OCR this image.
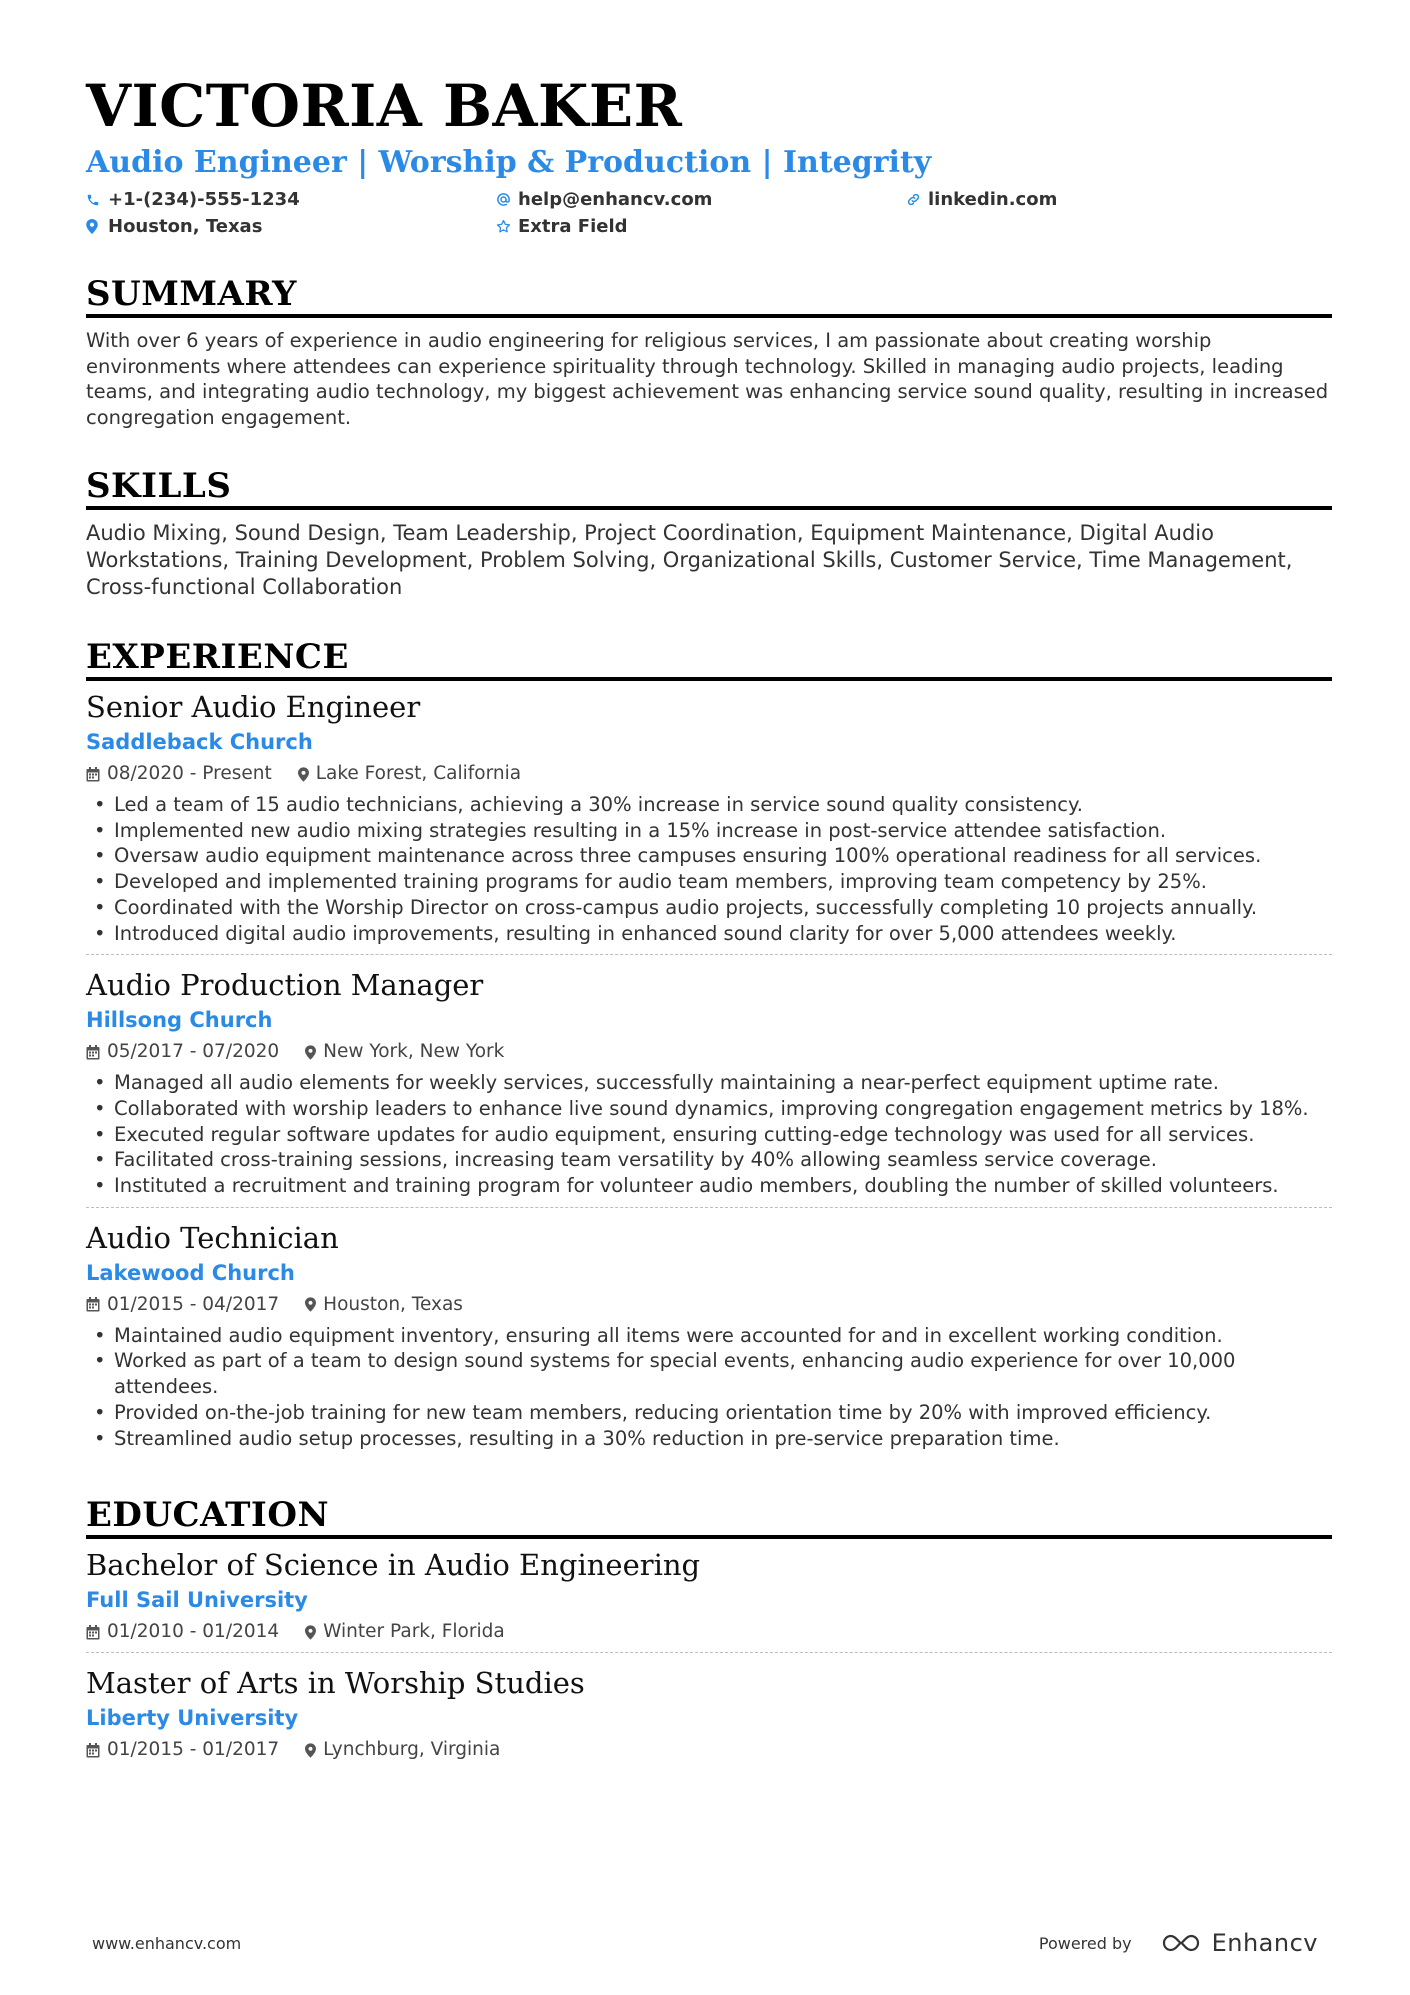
VICTORIA BAKER
Audio Engineer | Worship & Production | Integrity
+1-(234)-555-1234	help@enhancv.com	linkedin.com
Houston, Texas	Extra Field
SUMMARY

With over 6 years of experience in audio engineering for religious services, I am passionate about creating worship environments where attendees can experience spirituality through technology. Skilled in managing audio projects, leading teams, and integrating audio technology, my biggest achievement was enhancing service sound quality, resulting in increased congregation engagement.

SKILLS

Audio Mixing, Sound Design, Team Leadership, Project Coordination, Equipment Maintenance, Digital Audio Workstations, Training Development, Problem Solving, Organizational Skills, Customer Service, Time Management, Cross-functional Collaboration

EXPERIENCE
Senior Audio Engineer
Saddleback Church
08/2020 - Present Lake Forest, California
• Led a team of 15 audio technicians, achieving a 30% increase in service sound quality consistency.
• Implemented new audio mixing strategies resulting in a 15% increase in post-service attendee satisfaction.
• Oversaw audio equipment maintenance across three campuses ensuring 100% operational readiness for all services.
• Developed and implemented training programs for audio team members, improving team competency by 25%.
• Coordinated with the Worship Director on cross-campus audio projects, successfully completing 10 projects annually.
• Introduced digital audio improvements, resulting in enhanced sound clarity for over 5,000 attendees weekly.
Audio Production Manager
Hillsong Church
05/2017 - 07/2020 New York, New York
• Managed all audio elements for weekly services, successfully maintaining a near-perfect equipment uptime rate.
• Collaborated with worship leaders to enhance live sound dynamics, improving congregation engagement metrics by 18%.
• Executed regular software updates for audio equipment, ensuring cutting-edge technology was used for all services.
• Facilitated cross-training sessions, increasing team versatility by 40% allowing seamless service coverage.
• Instituted a recruitment and training program for volunteer audio members, doubling the number of skilled volunteers.
Audio Technician
Lakewood Church
01/2015 - 04/2017 Houston, Texas
• Maintained audio equipment inventory, ensuring all items were accounted for and in excellent working condition.
• Worked as part of a team to design sound systems for special events, enhancing audio experience for over 10,000 attendees.
• Provided on-the-job training for new team members, reducing orientation time by 20% with improved efficiency.
• Streamlined audio setup processes, resulting in a 30% reduction in pre-service preparation time.
EDUCATION
Bachelor of Science in Audio Engineering
Full Sail University
01/2010 - 01/2014 Winter Park, Florida
Master of Arts in Worship Studies
Liberty University
01/2015 - 01/2017 Lynchburg, Virginia
www.enhancv.com	Powered by	Enhancv
